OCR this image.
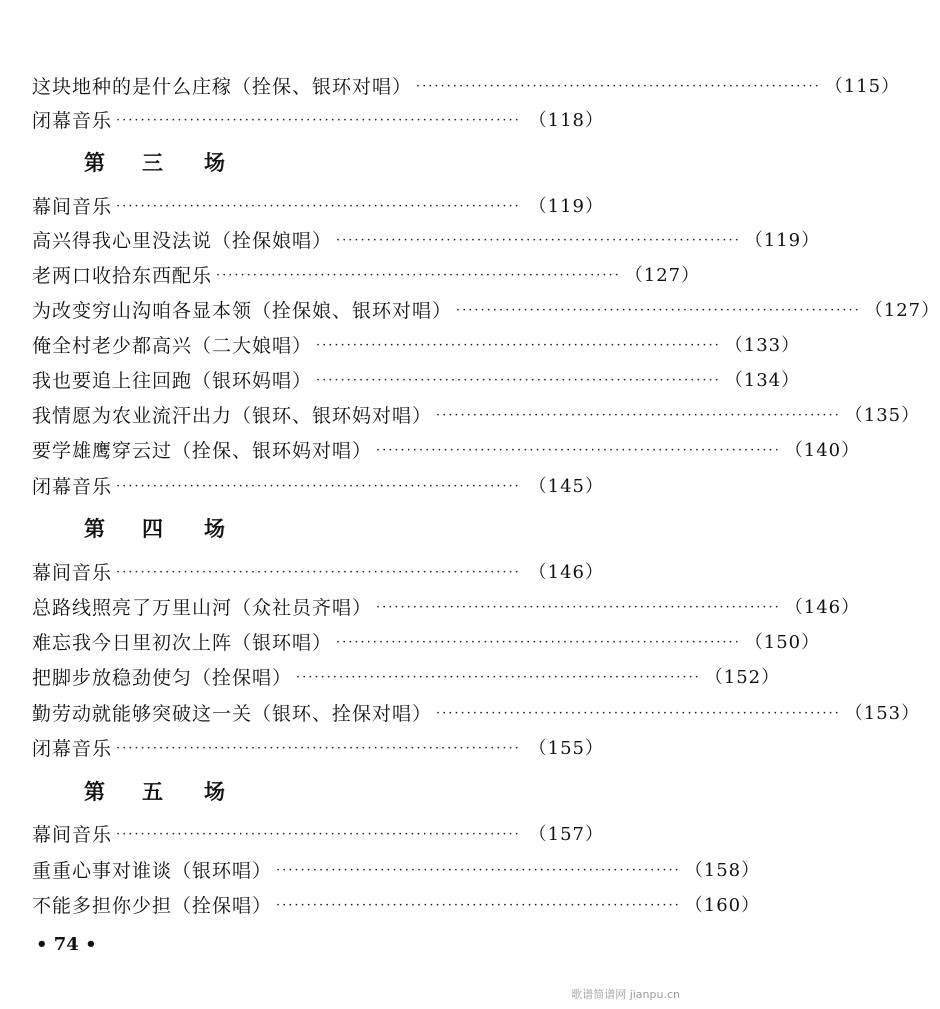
这块地种的是什么庄稼（拴保、银环对唱） ·································································· （115）
闭幕音乐 ·································································· （118）
第	三	场
幕间音乐 ·································································· （119）
高兴得我心里没法说（拴保娘唱） ·································································· （119）
老两口收拾东西配乐 ·································································· （127）
为改变穷山沟咱各显本领（拴保娘、银环对唱） ·································································· （127）
俺全村老少都高兴（二大娘唱） ·································································· （133）
我也要追上往回跑（银环妈唱） ·································································· （134）
我情愿为农业流汗出力（银环、银环妈对唱） ·································································· （135）
要学雄鹰穿云过（拴保、银环妈对唱） ·································································· （140）
闭幕音乐 ·································································· （145）
第	四	场
幕间音乐 ·································································· （146）
总路线照亮了万里山河（众社员齐唱） ·································································· （146）
难忘我今日里初次上阵（银环唱） ·································································· （150）
把脚步放稳劲使匀（拴保唱） ·································································· （152）
勤劳动就能够突破这一关（银环、拴保对唱） ·································································· （153）
闭幕音乐 ·································································· （155）
第	五	场
幕间音乐 ·································································· （157）
重重心事对谁谈（银环唱） ·································································· （158）
不能多担你少担（拴保唱） ·································································· （160）
• 74 •
歌谱简谱网 jianpu.cn
